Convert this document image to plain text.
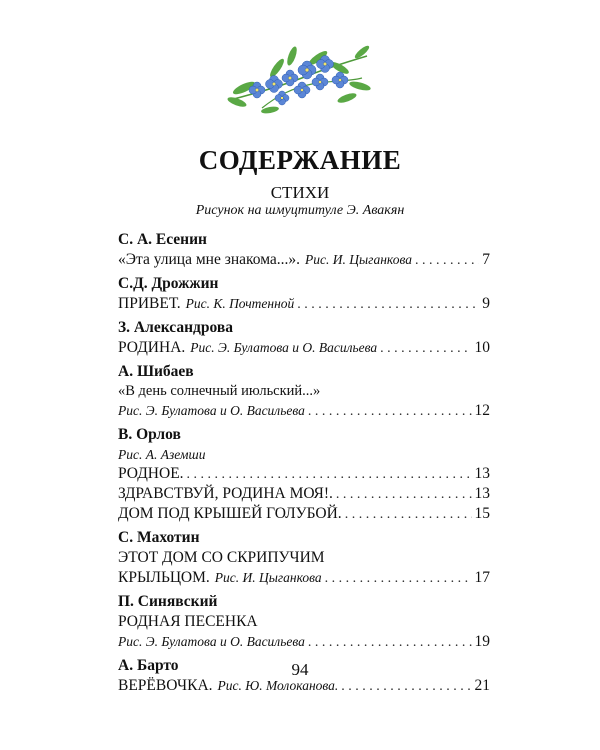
СОДЕРЖАНИЕ
СТИХИ
Рисунок на шмуцтитуле Э. Авакян
С. А. Есенин
«Эта улица мне знакома...». Рис. И. Цыганкова . . .	7
С.Д. Дрожжин
ПРИВЕТ. Рис. К. Почтенной . . .	9
З. Александрова
РОДИНА. Рис. Э. Булатова и О. Васильева . . .	10
А. Шибаев
«В день солнечный июльский...»
Рис. Э. Булатова и О. Васильева . . .	12
В. Орлов
Рис. А. Аземши
РОДНОЕ. . . .	13
ЗДРАВСТВУЙ, РОДИНА МОЯ!. . . .	13
ДОМ ПОД КРЫШЕЙ ГОЛУБОЙ. . . .	15
С. Махотин
ЭТОТ ДОМ СО СКРИПУЧИМ
КРЫЛЬЦОМ. Рис. И. Цыганкова . . .	17
П. Синявский
РОДНАЯ ПЕСЕНКА
Рис. Э. Булатова и О. Васильева . . .	19
А. Барто
ВЕРЁВОЧКА. Рис. Ю. Молоканова. . . .	21
94
